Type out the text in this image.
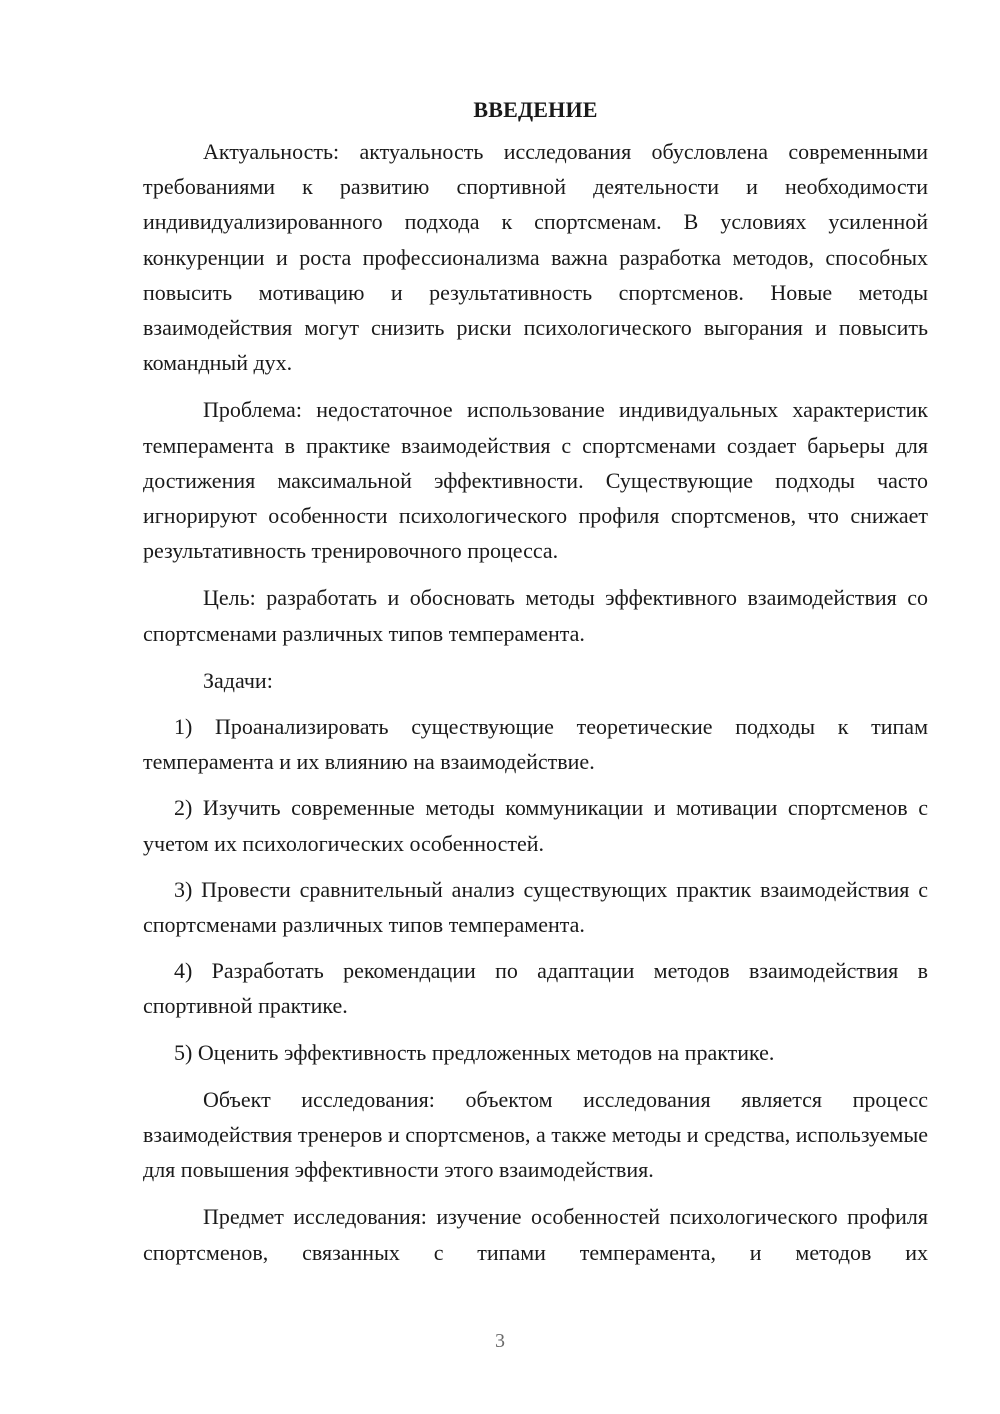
ВВЕДЕНИЕ

Актуальность: актуальность исследования обусловлена современными требованиями к развитию спортивной деятельности и необходимости индивидуализированного подхода к спортсменам. В условиях усиленной конкуренции и роста профессионализма важна разработка методов, способных повысить мотивацию и результативность спортсменов. Новые методы взаимодействия могут снизить риски психологического выгорания и повысить командный дух.

Проблема: недостаточное использование индивидуальных характеристик темперамента в практике взаимодействия с спортсменами создает барьеры для достижения максимальной эффективности. Существующие подходы часто игнорируют особенности психологического профиля спортсменов, что снижает результативность тренировочного процесса.

Цель: разработать и обосновать методы эффективного взаимодействия со спортсменами различных типов темперамента.

Задачи:

1) Проанализировать существующие теоретические подходы к типам темперамента и их влиянию на взаимодействие.

2) Изучить современные методы коммуникации и мотивации спортсменов с учетом их психологических особенностей.

3) Провести сравнительный анализ существующих практик взаимодействия с спортсменами различных типов темперамента.

4) Разработать рекомендации по адаптации методов взаимодействия в спортивной практике.

5) Оценить эффективность предложенных методов на практике.

Объект исследования: объектом исследования является процесс взаимодействия тренеров и спортсменов, а также методы и средства, используемые для повышения эффективности этого взаимодействия.

Предмет исследования: изучение особенностей психологического профиля спортсменов, связанных с типами темперамента, и методов их

3
